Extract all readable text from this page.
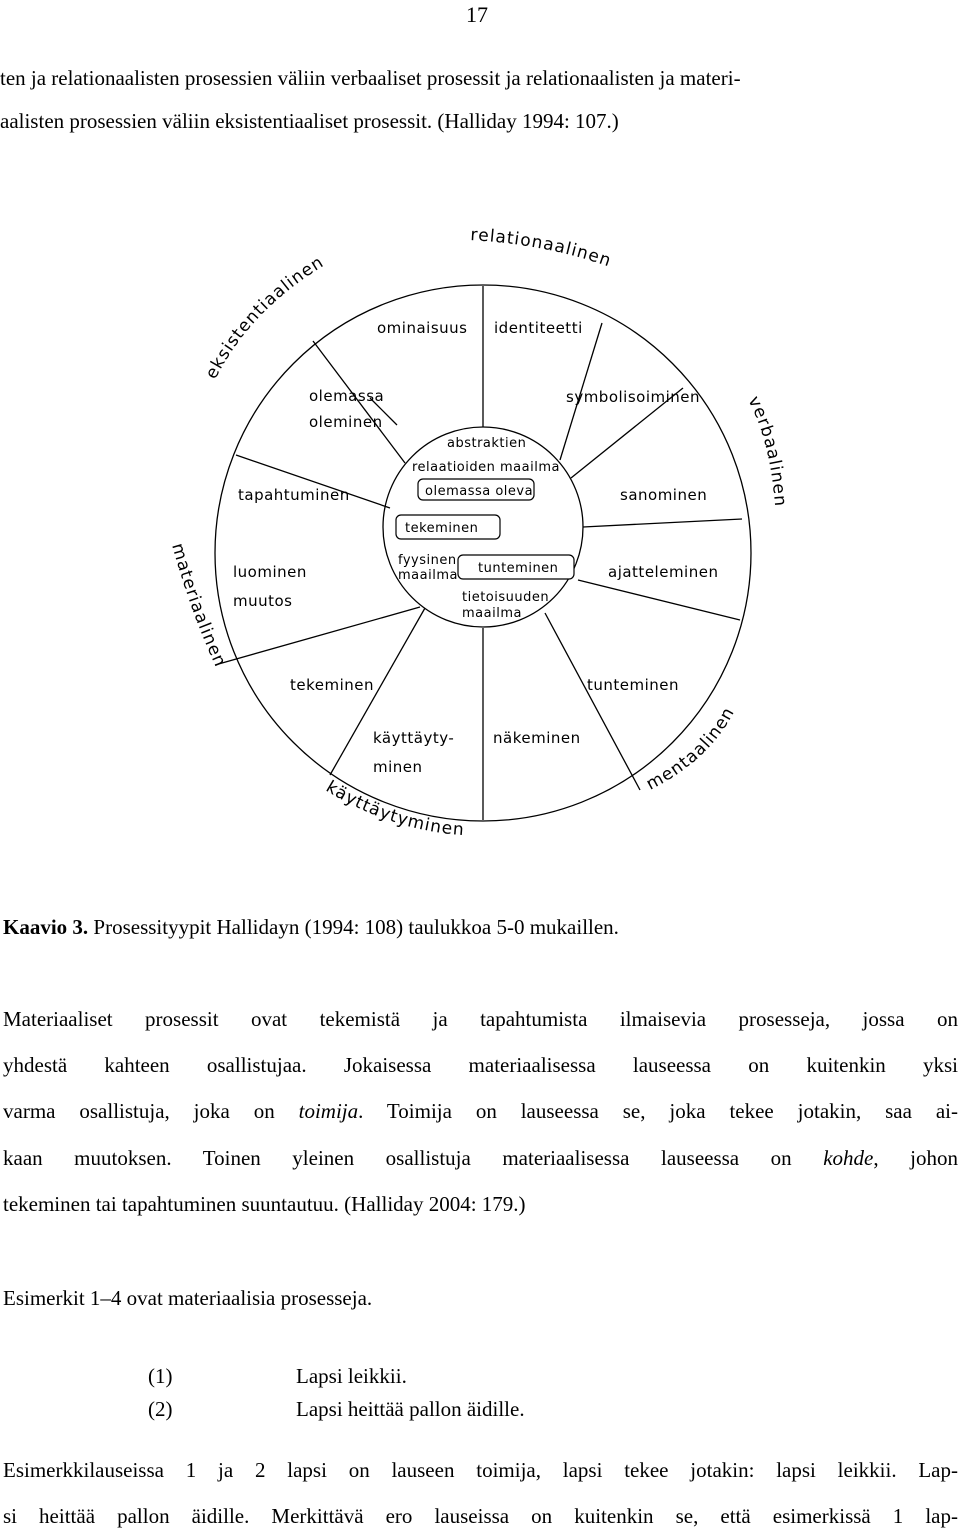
17
ten ja relationaalisten prosessien väliin verbaaliset prosessit ja relationaalisten ja materi-
aalisten prosessien väliin eksistentiaaliset prosessit. (Halliday 1994: 107.)
relationaalinen
eksistentiaalinen
verbaalinen
materiaalinen
mentaalinen
käyttäytyminen
ominaisuus identiteetti
olemassa
oleminen
symbolisoiminen
tapahtuminen	sanominen
luominen
muutos
ajatteleminen
tekeminen	tunteminen
käyttäyty-
minen
näkeminen
abstraktien
relaatioiden maailma
olemassa oleva
tekeminen
fyysinen
maailma tunteminen
tietoisuuden
maailma
Kaavio 3. Prosessityypit Hallidayn (1994: 108) taulukkoa 5-0 mukaillen.
Materiaaliset prosessit ovat tekemistä ja tapahtumista ilmaisevia prosesseja, jossa on
yhdestä kahteen osallistujaa. Jokaisessa materiaalisessa lauseessa on kuitenkin yksi
varma osallistuja, joka on toimija. Toimija on lauseessa se, joka tekee jotakin, saa ai-
kaan muutoksen. Toinen yleinen osallistuja materiaalisessa lauseessa on kohde, johon
tekeminen tai tapahtuminen suuntautuu. (Halliday 2004: 179.)
Esimerkit 1–4 ovat materiaalisia prosesseja.
(1)	Lapsi leikkii.
(2)	Lapsi heittää pallon äidille.
Esimerkkilauseissa 1 ja 2 lapsi on lauseen toimija, lapsi tekee jotakin: lapsi leikkii. Lap-
si heittää pallon äidille. Merkittävä ero lauseissa on kuitenkin se, että esimerkissä 1 lap-
